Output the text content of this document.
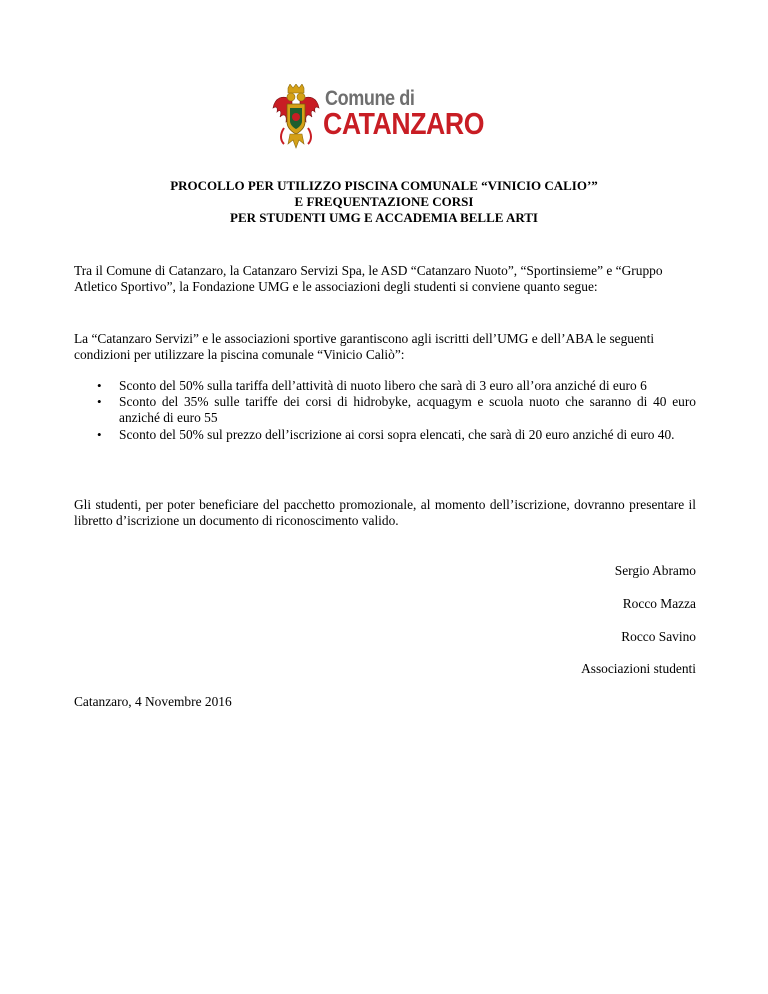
Comune di
CATANZARO
PROCOLLO PER UTILIZZO PISCINA COMUNALE “VINICIO CALIO’”
E FREQUENTAZIONE CORSI
PER STUDENTI UMG E ACCADEMIA BELLE ARTI
Tra il Comune di Catanzaro, la Catanzaro Servizi Spa, le ASD “Catanzaro Nuoto”, “Sportinsieme” e “Gruppo Atletico Sportivo”, la Fondazione UMG e le associazioni degli studenti si conviene quanto segue:
La “Catanzaro Servizi” e le associazioni sportive garantiscono agli iscritti dell’UMG e dell’ABA le seguenti condizioni per utilizzare la piscina comunale “Vinicio Caliò”:
• Sconto del 50% sulla tariffa dell’attività di nuoto libero che sarà di 3 euro all’ora anziché di euro 6
• Sconto del 35% sulle tariffe dei corsi di hidrobyke, acquagym e scuola nuoto che saranno di 40 euro anziché di euro 55
• Sconto del 50% sul prezzo dell’iscrizione ai corsi sopra elencati, che sarà di 20 euro anziché di euro 40.
Gli studenti, per poter beneficiare del pacchetto promozionale, al momento dell’iscrizione, dovranno presentare il libretto d’iscrizione un documento di riconoscimento valido.
Sergio Abramo
Rocco Mazza
Rocco Savino
Associazioni studenti
Catanzaro, 4 Novembre 2016
